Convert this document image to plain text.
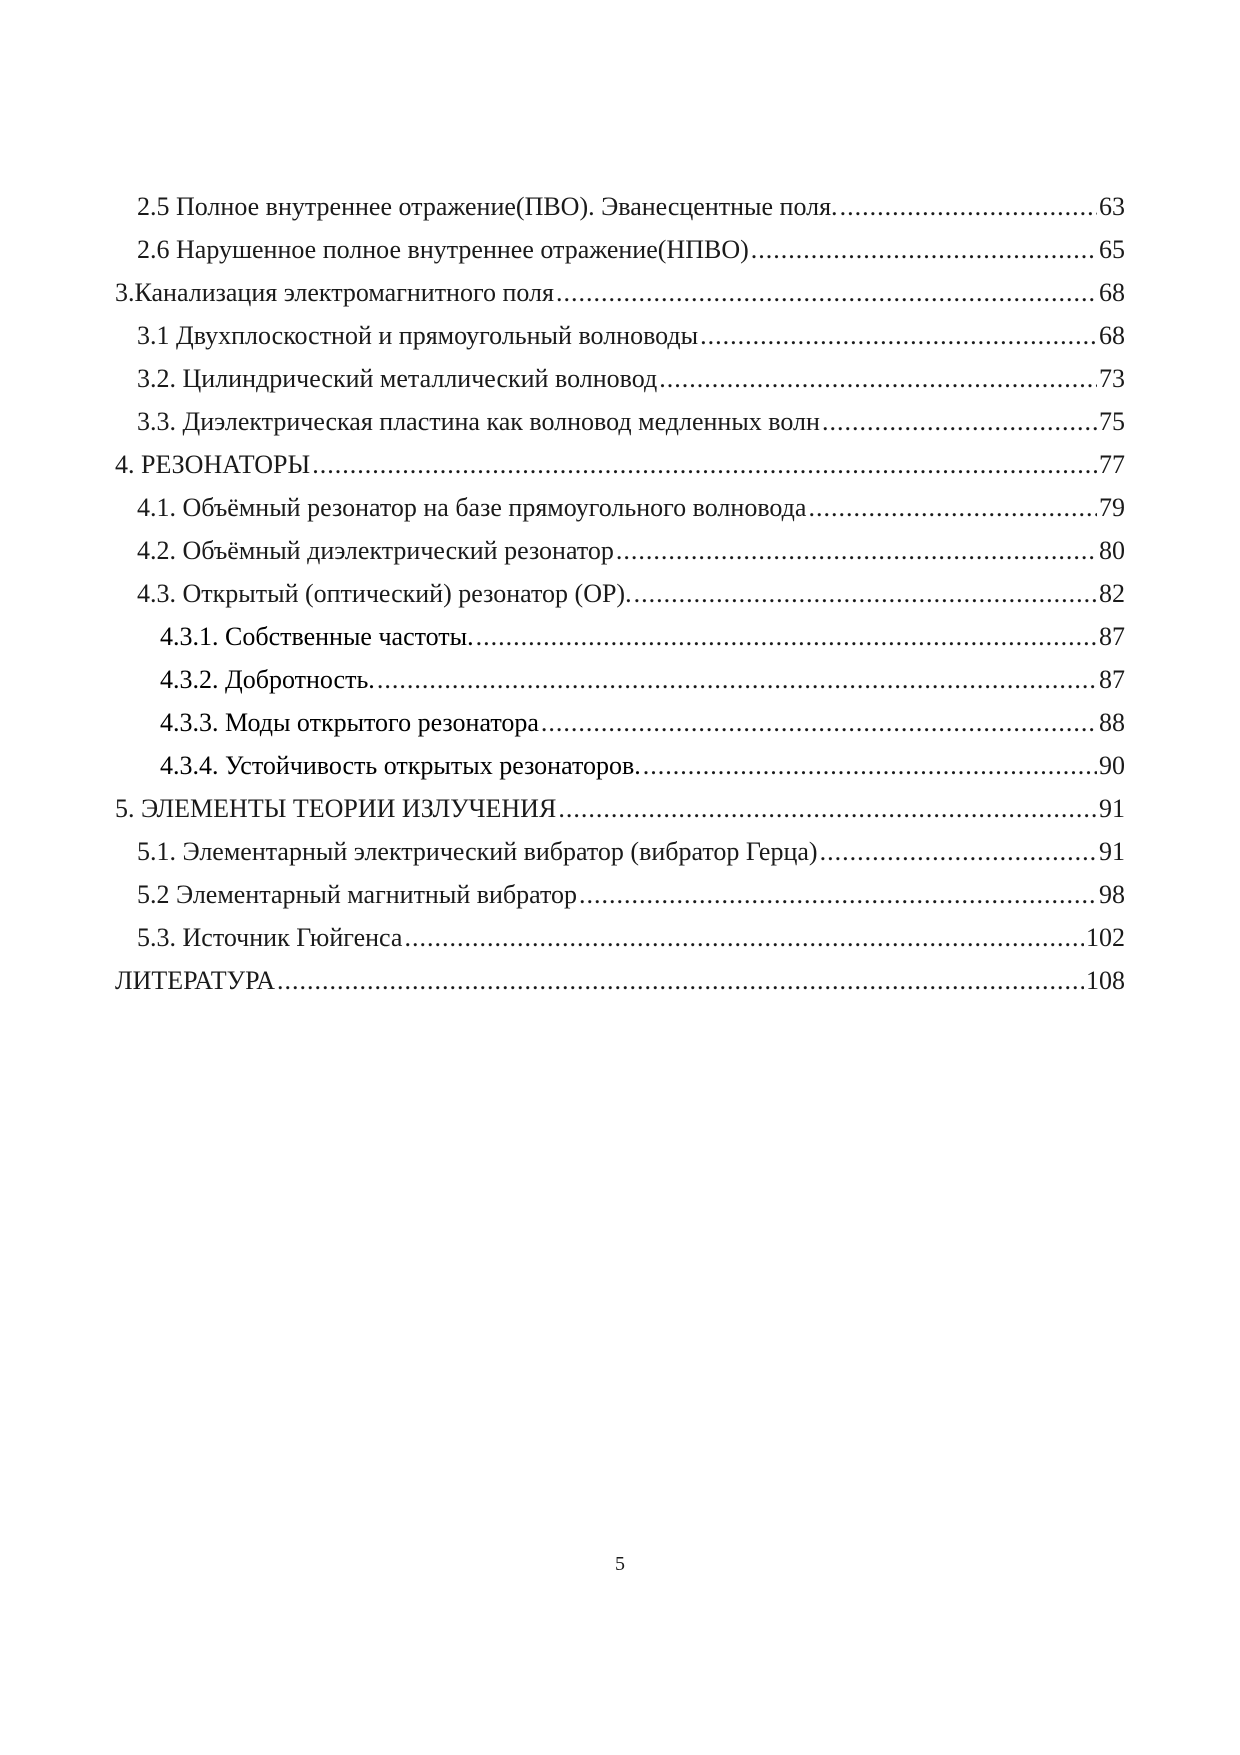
2.5 Полное внутреннее отражение(ПВО). Эванесцентные поля. .....	63
2.6 Нарушенное полное внутреннее отражение(НПВО) .....	65
3.Канализация электромагнитного поля .....	68
3.1 Двухплоскостной и прямоугольный волноводы .....	68
3.2. Цилиндрический металлический волновод .....	73
3.3. Диэлектрическая пластина как волновод медленных волн .....	75
4. РЕЗОНАТОРЫ .....	77
4.1. Объёмный резонатор на базе прямоугольного волновода .....	79
4.2. Объёмный диэлектрический резонатор .....	80
4.3. Открытый (оптический) резонатор (ОР). .....	82
4.3.1. Собственные частоты. .....	87
4.3.2. Добротность. .....	87
4.3.3. Моды открытого резонатора .....	88
4.3.4. Устойчивость открытых резонаторов. .....	90
5. ЭЛЕМЕНТЫ ТЕОРИИ ИЗЛУЧЕНИЯ .....	91
5.1. Элементарный электрический вибратор (вибратор Герца) .....	91
5.2 Элементарный магнитный вибратор .....	98
5.3. Источник Гюйгенса .....	102
ЛИТЕРАТУРА .....	108
5
